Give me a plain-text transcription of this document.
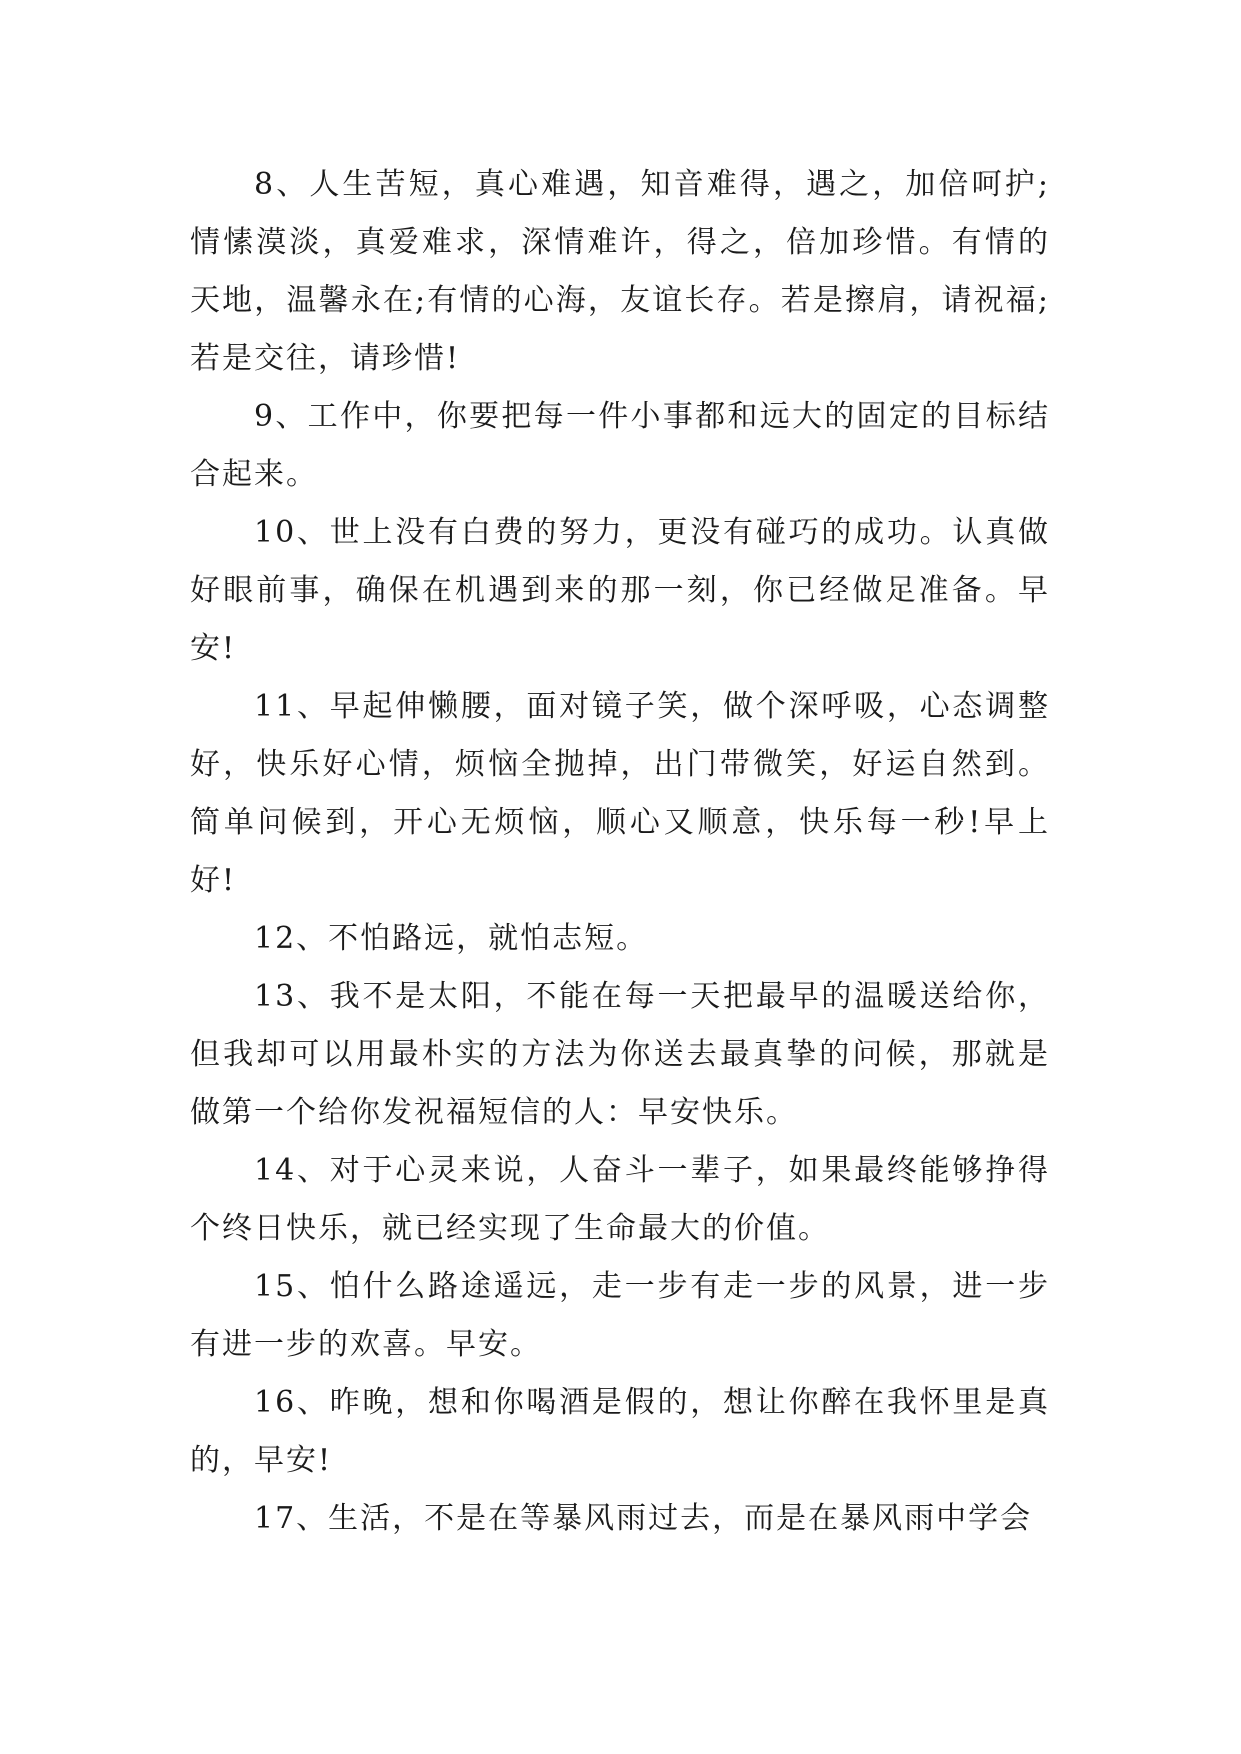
8、人生苦短，真心难遇，知音难得，遇之，加倍呵护;情愫漠淡，真爱难求，深情难许，得之，倍加珍惜。有情的天地，温馨永在;有情的心海，友谊长存。若是擦肩，请祝福;若是交往，请珍惜!

9、工作中，你要把每一件小事都和远大的固定的目标结合起来。

10、世上没有白费的努力，更没有碰巧的成功。认真做好眼前事，确保在机遇到来的那一刻，你已经做足准备。早安!

11、早起伸懒腰，面对镜子笑，做个深呼吸，心态调整好，快乐好心情，烦恼全抛掉，出门带微笑，好运自然到。简单问候到，开心无烦恼，顺心又顺意，快乐每一秒!早上好!

12、不怕路远，就怕志短。

13、我不是太阳，不能在每一天把最早的温暖送给你，但我却可以用最朴实的方法为你送去最真挚的问候，那就是做第一个给你发祝福短信的人：早安快乐。

14、对于心灵来说，人奋斗一辈子，如果最终能够挣得个终日快乐，就已经实现了生命最大的价值。

15、怕什么路途遥远，走一步有走一步的风景，进一步有进一步的欢喜。早安。

16、昨晚，想和你喝酒是假的，想让你醉在我怀里是真的，早安!

17、生活，不是在等暴风雨过去，而是在暴风雨中学会
